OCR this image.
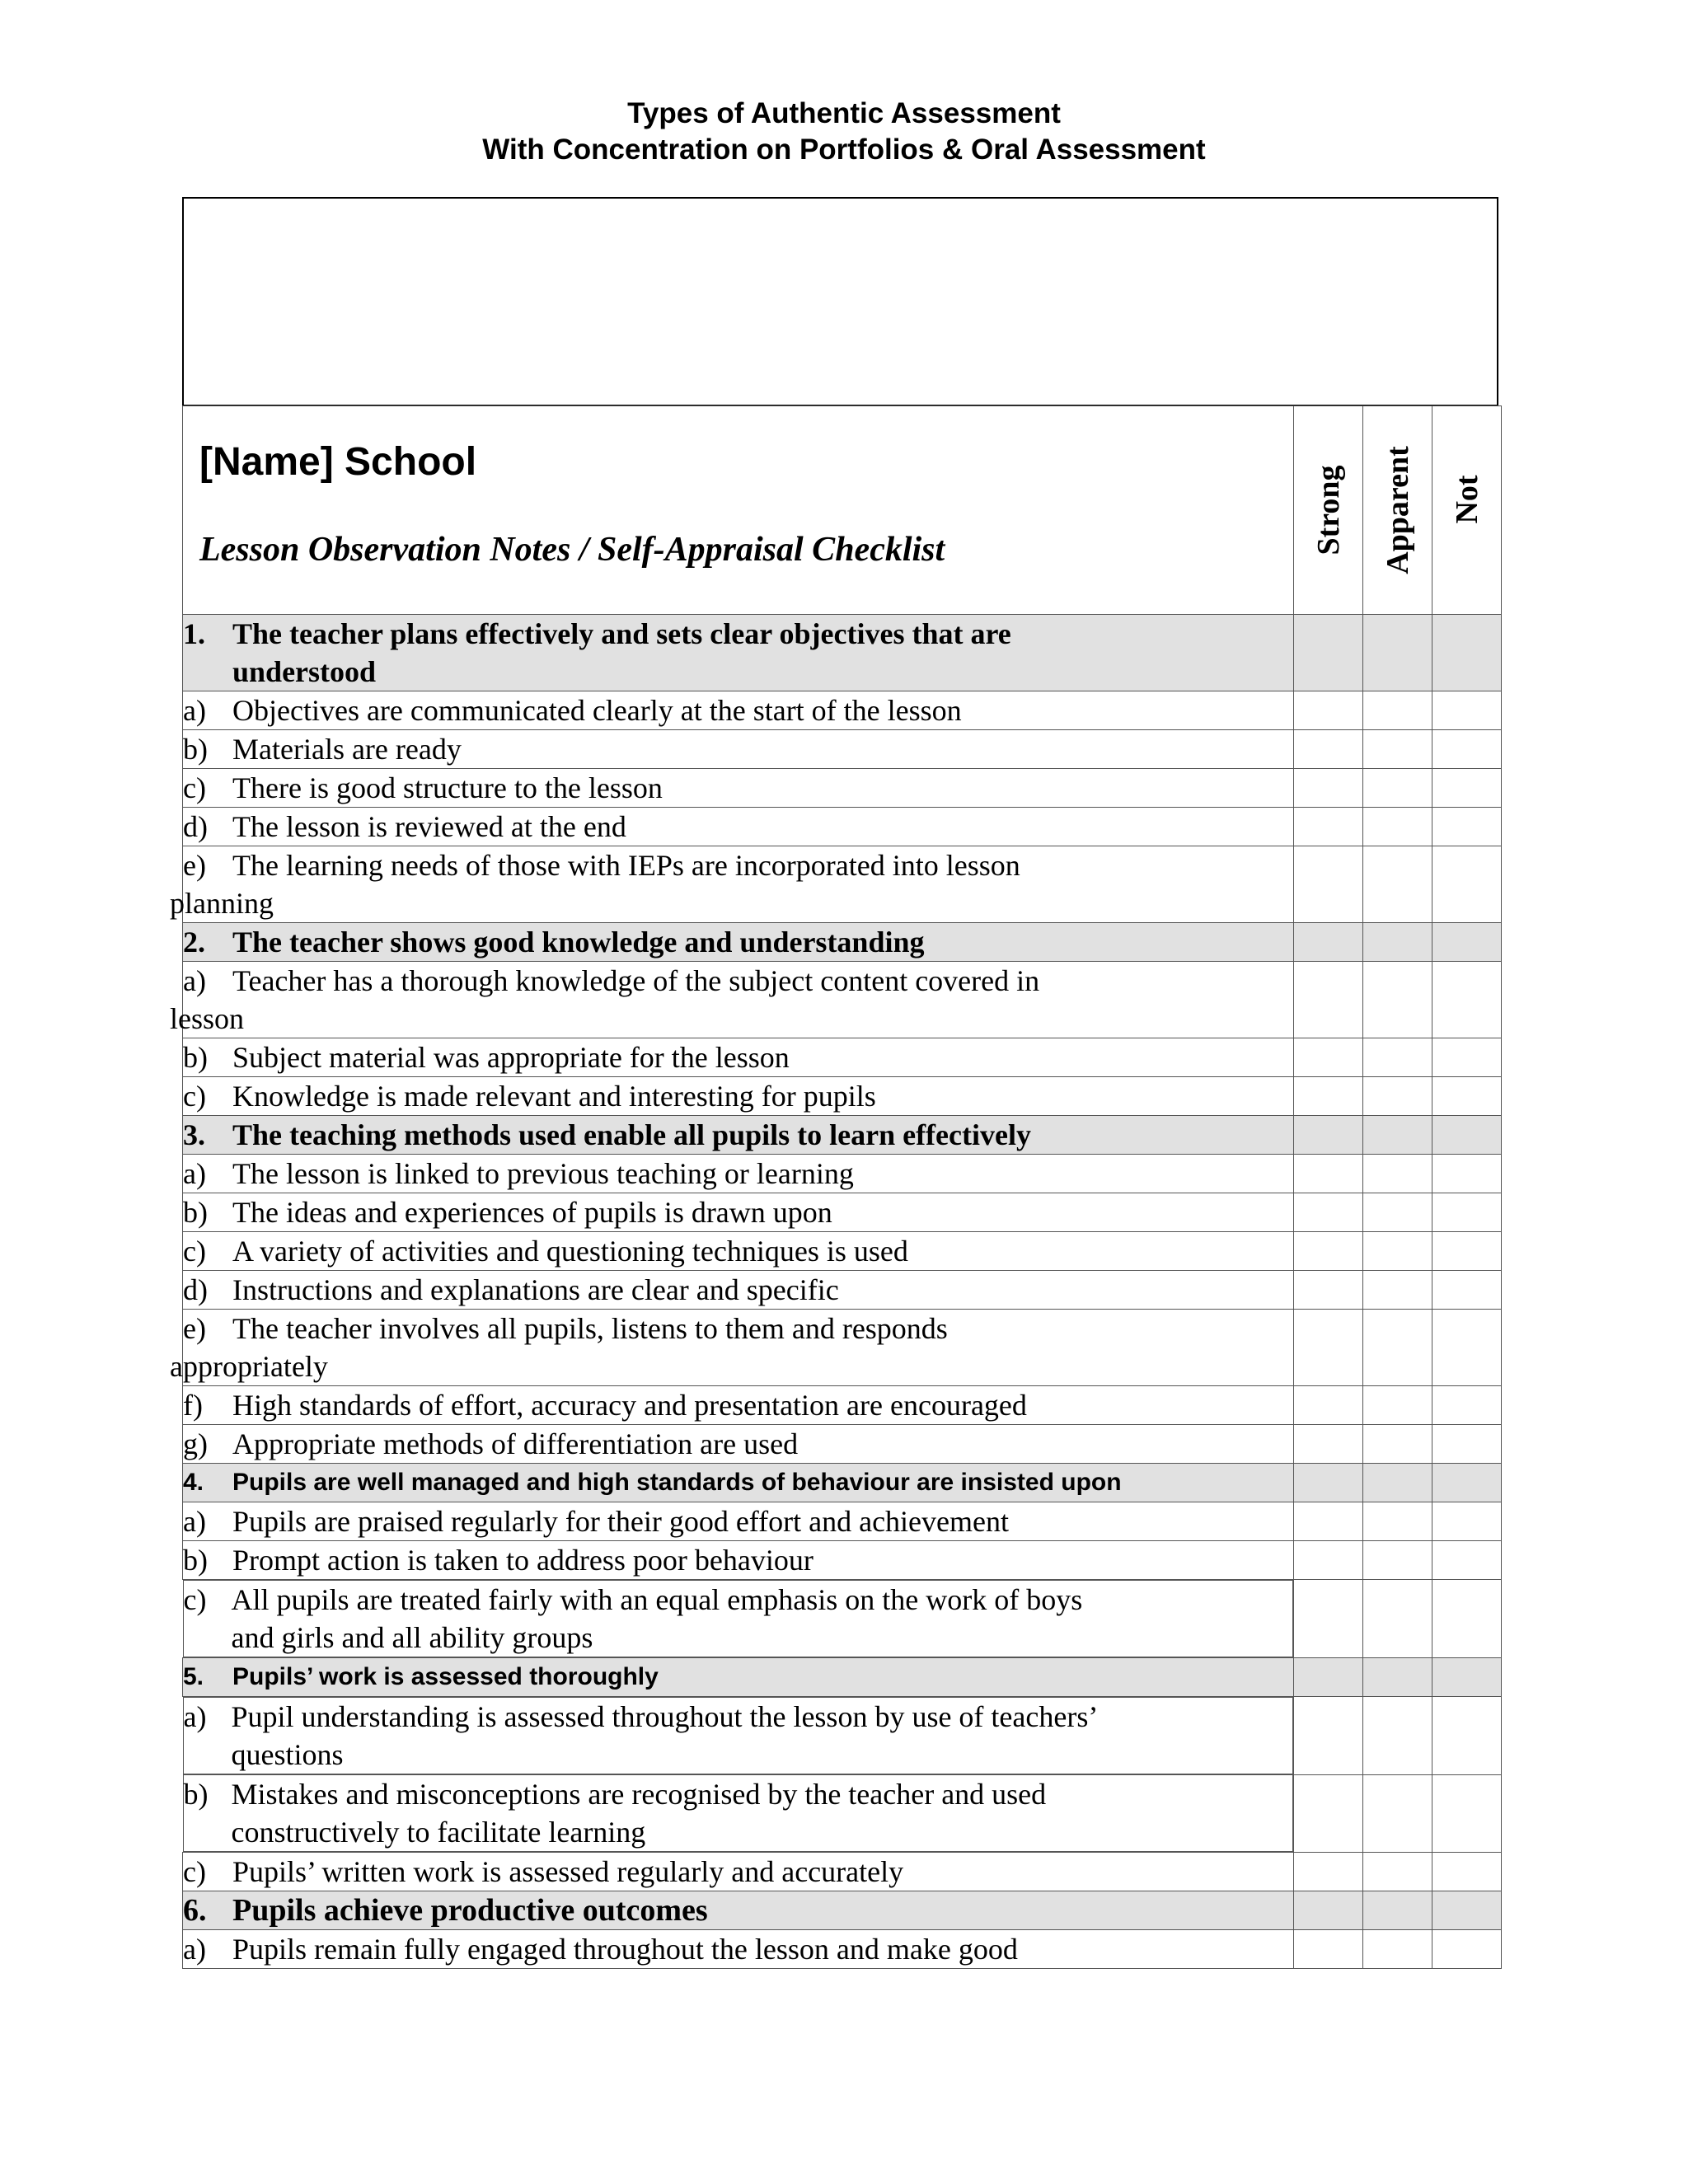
Types of Authentic Assessment
With Concentration on Portfolios & Oral Assessment
[Name] School
Lesson Observation Notes / Self-Appraisal Checklist	Strong	Apparent	Not

1. The teacher plans effectively and sets clear objectives that are
understood			

a) Objectives are communicated clearly at the start of the lesson			
b) Materials are ready			
c) There is good structure to the lesson			
d) The lesson is reviewed at the end			
e) The learning needs of those with IEPs are incorporated into lesson
planning			
2. The teacher shows good knowledge and understanding			
a) Teacher has a thorough knowledge of the subject content covered in
lesson			
b) Subject material was appropriate for the lesson			
c) Knowledge is made relevant and interesting for pupils			
3. The teaching methods used enable all pupils to learn effectively			
a) The lesson is linked to previous teaching or learning			
b) The ideas and experiences of pupils is drawn upon			
c) A variety of activities and questioning techniques is used			
d) Instructions and explanations are clear and specific			
e) The teacher involves all pupils, listens to them and responds
appropriately			
f) High standards of effort, accuracy and presentation are encouraged			
g) Appropriate methods of differentiation are used			
4. Pupils are well managed and high standards of behaviour are insisted upon			
a) Pupils are praised regularly for their good effort and achievement			
b) Prompt action is taken to address poor behaviour			

c) All pupils are treated fairly with an equal emphasis on the work of boys
and girls and all ability groups

5. Pupils’ work is assessed thoroughly			

a) Pupil understanding is assessed throughout the lesson by use of teachers’
questions

b) Mistakes and misconceptions are recognised by the teacher and used
constructively to facilitate learning

c) Pupils’ written work is assessed regularly and accurately			
6. Pupils achieve productive outcomes			
a) Pupils remain fully engaged throughout the lesson and make good			
